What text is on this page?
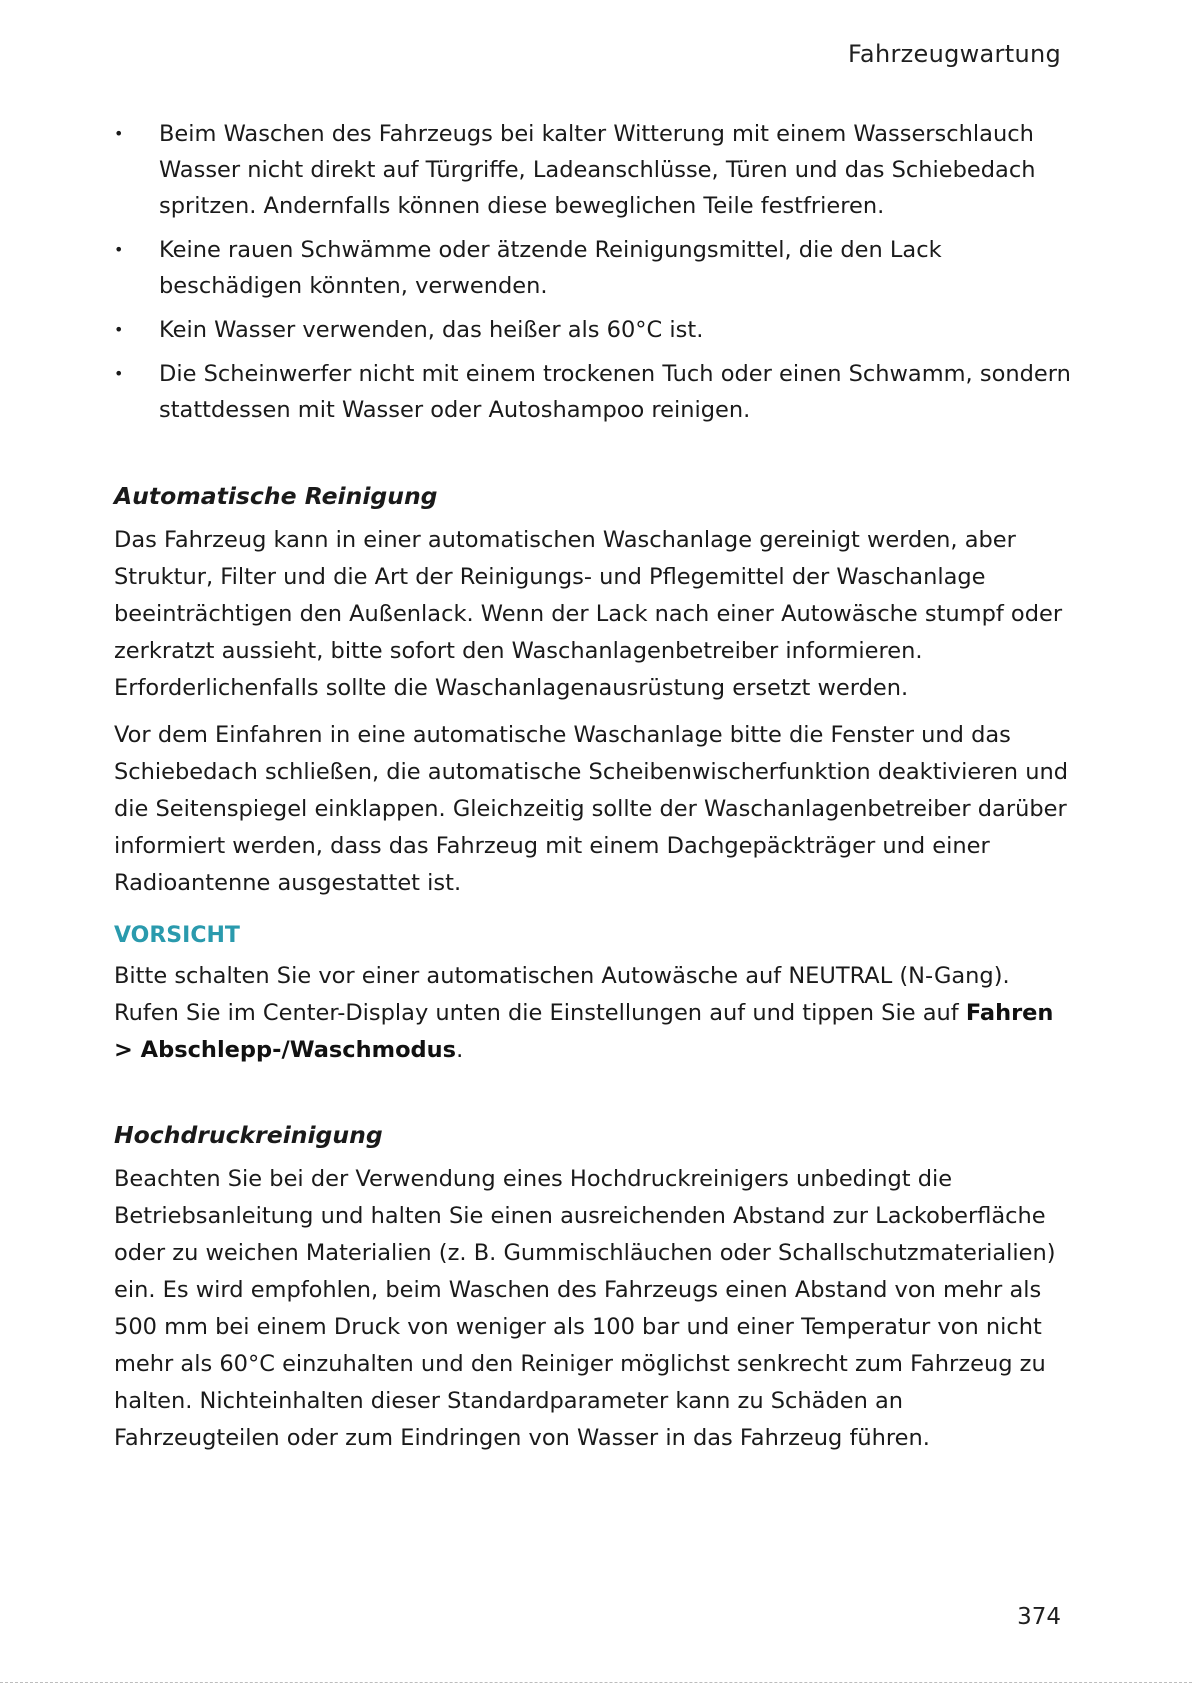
Fahrzeugwartung
• Beim Waschen des Fahrzeugs bei kalter Witterung mit einem Wasserschlauch Wasser nicht direkt auf Türgriffe, Ladeanschlüsse, Türen und das Schiebedach spritzen. Andernfalls können diese beweglichen Teile festfrieren.
• Keine rauen Schwämme oder ätzende Reinigungsmittel, die den Lack beschädigen könnten, verwenden.
• Kein Wasser verwenden, das heißer als 60°C ist.
• Die Scheinwerfer nicht mit einem trockenen Tuch oder einen Schwamm, sondern stattdessen mit Wasser oder Autoshampoo reinigen.
Automatische Reinigung

Das Fahrzeug kann in einer automatischen Waschanlage gereinigt werden, aber Struktur, Filter und die Art der Reinigungs- und Pflegemittel der Waschanlage beeinträchtigen den Außenlack. Wenn der Lack nach einer Autowäsche stumpf oder zerkratzt aussieht, bitte sofort den Waschanlagenbetreiber informieren. Erforderlichenfalls sollte die Waschanlagenausrüstung ersetzt werden.

Vor dem Einfahren in eine automatische Waschanlage bitte die Fenster und das Schiebedach schließen, die automatische Scheibenwischerfunktion deaktivieren und die Seitenspiegel einklappen. Gleichzeitig sollte der Waschanlagenbetreiber darüber informiert werden, dass das Fahrzeug mit einem Dachgepäckträger und einer Radioantenne ausgestattet ist.

VORSICHT

Bitte schalten Sie vor einer automatischen Autowäsche auf NEUTRAL (N-Gang). Rufen Sie im Center-Display unten die Einstellungen auf und tippen Sie auf Fahren > Abschlepp-/Waschmodus.

Hochdruckreinigung

Beachten Sie bei der Verwendung eines Hochdruckreinigers unbedingt die Betriebsanleitung und halten Sie einen ausreichenden Abstand zur Lackoberfläche oder zu weichen Materialien (z. B. Gummischläuchen oder Schallschutzmaterialien) ein. Es wird empfohlen, beim Waschen des Fahrzeugs einen Abstand von mehr als 500 mm bei einem Druck von weniger als 100 bar und einer Temperatur von nicht mehr als 60°C einzuhalten und den Reiniger möglichst senkrecht zum Fahrzeug zu halten. Nichteinhalten dieser Standardparameter kann zu Schäden an Fahrzeugteilen oder zum Eindringen von Wasser in das Fahrzeug führen.

374
